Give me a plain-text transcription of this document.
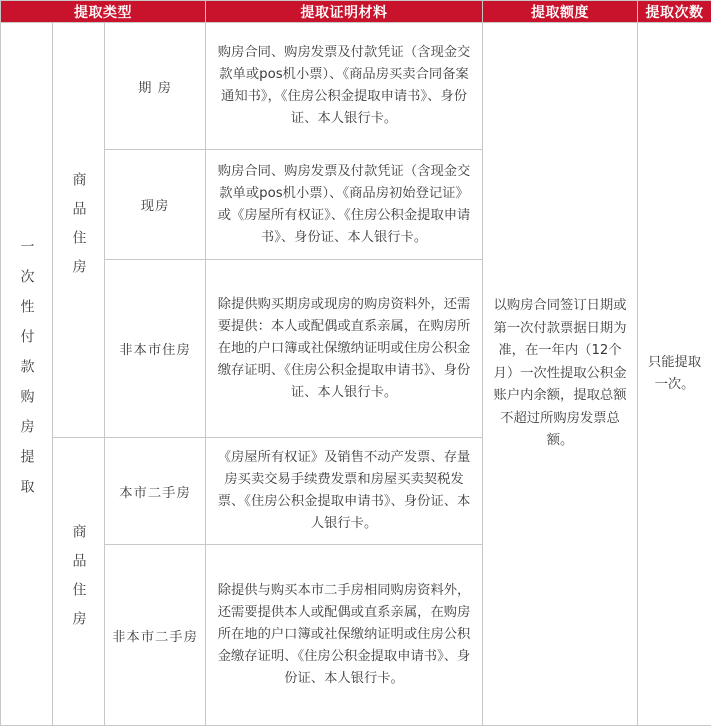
提取类型			提取证明材料	提取额度	提取次数

一次性付款购房提取	商品住房	期 房	购房合同、购房发票及付款凭证（含现金交款单或pos机小票）、《商品房买卖合同备案通知书》，《住房公积金提取申请书》、身份证、本人银行卡。	以购房合同签订日期或第一次付款票据日期为准，在一年内（12个月）一次性提取公积金账户内余额，提取总额不超过所购房发票总额。	只能提取一次。

		现房	购房合同、购房发票及付款凭证（含现金交款单或pos机小票）、《商品房初始登记证》或《房屋所有权证》、《住房公积金提取申请书》、身份证、本人银行卡。		

		非本市住房	除提供购买期房或现房的购房资料外，还需要提供：本人或配偶或直系亲属，在购房所在地的户口簿或社保缴纳证明或住房公积金缴存证明、《住房公积金提取申请书》、身份证、本人银行卡。		

	商品住房	本市二手房	《房屋所有权证》及销售不动产发票、存量房买卖交易手续费发票和房屋买卖契税发票、《住房公积金提取申请书》、身份证、本人银行卡。		

		非本市二手房	除提供与购买本市二手房相同购房资料外，还需要提供本人或配偶或直系亲属，在购房所在地的户口簿或社保缴纳证明或住房公积金缴存证明、《住房公积金提取申请书》、身份证、本人银行卡。		
